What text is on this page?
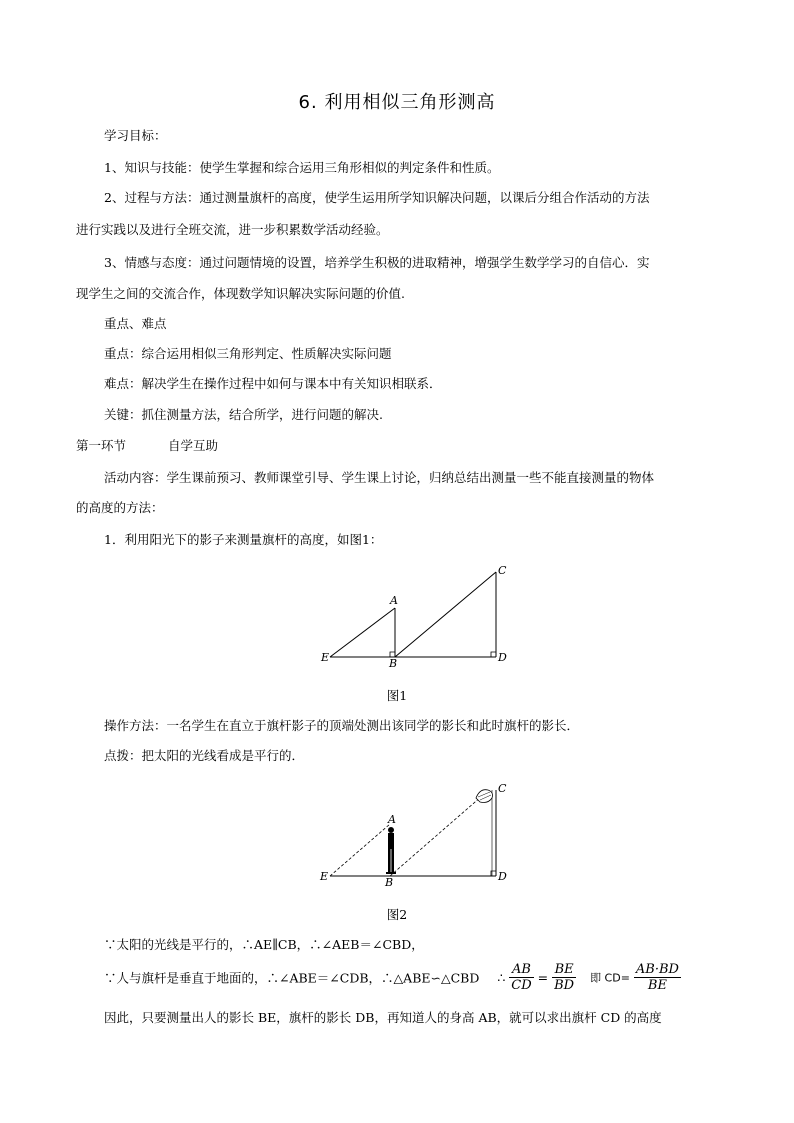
6. 利用相似三角形测高
学习目标：
1、知识与技能：使学生掌握和综合运用三角形相似的判定条件和性质。
2、过程与方法：通过测量旗杆的高度，使学生运用所学知识解决问题，以课后分组合作活动的方法
进行实践以及进行全班交流，进一步积累数学活动经验。
3、情感与态度：通过问题情境的设置，培养学生积极的进取精神，增强学生数学学习的自信心．实
现学生之间的交流合作，体现数学知识解决实际问题的价值.
重点、难点
重点：综合运用相似三角形判定、性质解决实际问题
难点：解决学生在操作过程中如何与课本中有关知识相联系．
关键：抓住测量方法，结合所学，进行问题的解决.
第一环节	自学互助
活动内容：学生课前预习、教师课堂引导、学生课上讨论，归纳总结出测量一些不能直接测量的物体
的高度的方法：
1．利用阳光下的影子来测量旗杆的高度，如图1：
A
B
C
D
E
图1
操作方法：一名学生在直立于旗杆影子的顶端处测出该同学的影长和此时旗杆的影长．
点拨：把太阳的光线看成是平行的．
A
B
C
D
E
图2
∵太阳的光线是平行的，∴AE∥CB，∴∠AEB＝∠CBD，
∵人与旗杆是垂直于地面的，∴∠ABE＝∠CDB，∴△ABE∽△CBD ∴ $\frac{AB}{CD} = \frac{BE}{BD}$ 即 $CD= \frac{AB\cdot BD}{BE}$
因此，只要测量出人的影长 BE，旗杆的影长 DB，再知道人的身高 AB，就可以求出旗杆 CD 的高度
